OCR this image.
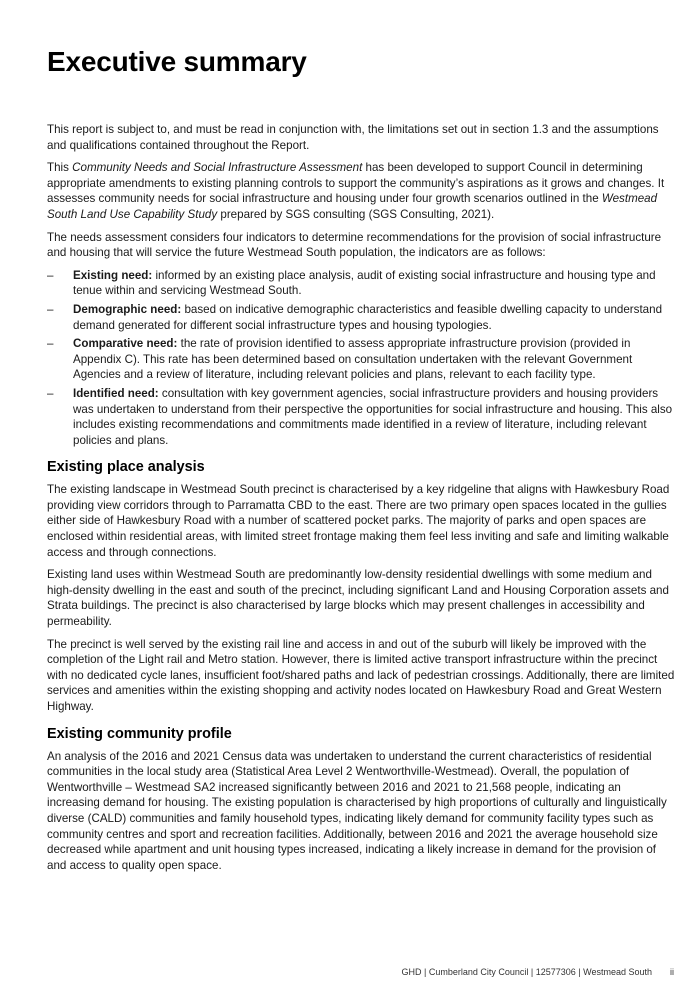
Executive summary

This report is subject to, and must be read in conjunction with, the limitations set out in section 1.3 and the assumptions and qualifications contained throughout the Report.

This Community Needs and Social Infrastructure Assessment has been developed to support Council in determining appropriate amendments to existing planning controls to support the community’s aspirations as it grows and changes. It assesses community needs for social infrastructure and housing under four growth scenarios outlined in the Westmead South Land Use Capability Study prepared by SGS consulting (SGS Consulting, 2021).

The needs assessment considers four indicators to determine recommendations for the provision of social infrastructure and housing that will service the future Westmead South population, the indicators are as follows:

– Existing need: informed by an existing place analysis, audit of existing social infrastructure and housing type and tenue within and servicing Westmead South.
– Demographic need: based on indicative demographic characteristics and feasible dwelling capacity to understand demand generated for different social infrastructure types and housing typologies.
– Comparative need: the rate of provision identified to assess appropriate infrastructure provision (provided in Appendix C). This rate has been determined based on consultation undertaken with the relevant Government Agencies and a review of literature, including relevant policies and plans, relevant to each facility type.
– Identified need: consultation with key government agencies, social infrastructure providers and housing providers was undertaken to understand from their perspective the opportunities for social infrastructure and housing. This also includes existing recommendations and commitments made identified in a review of literature, including relevant policies and plans.
Existing place analysis

The existing landscape in Westmead South precinct is characterised by a key ridgeline that aligns with Hawkesbury Road providing view corridors through to Parramatta CBD to the east. There are two primary open spaces located in the gullies either side of Hawkesbury Road with a number of scattered pocket parks. The majority of parks and open spaces are enclosed within residential areas, with limited street frontage making them feel less inviting and safe and limiting walkable access and through connections.

Existing land uses within Westmead South are predominantly low-density residential dwellings with some medium and high-density dwelling in the east and south of the precinct, including significant Land and Housing Corporation assets and Strata buildings. The precinct is also characterised by large blocks which may present challenges in accessibility and permeability.

The precinct is well served by the existing rail line and access in and out of the suburb will likely be improved with the completion of the Light rail and Metro station. However, there is limited active transport infrastructure within the precinct with no dedicated cycle lanes, insufficient foot/shared paths and lack of pedestrian crossings. Additionally, there are limited services and amenities within the existing shopping and activity nodes located on Hawkesbury Road and Great Western Highway.

Existing community profile

An analysis of the 2016 and 2021 Census data was undertaken to understand the current characteristics of residential communities in the local study area (Statistical Area Level 2 Wentworthville-Westmead). Overall, the population of Wentworthville – Westmead SA2 increased significantly between 2016 and 2021 to 21,568 people, indicating an increasing demand for housing. The existing population is characterised by high proportions of culturally and linguistically diverse (CALD) communities and family household types, indicating likely demand for community facility types such as community centres and sport and recreation facilities. Additionally, between 2016 and 2021 the average household size decreased while apartment and unit housing types increased, indicating a likely increase in demand for the provision of and access to quality open space.

GHD | Cumberland City Council | 12577306 | Westmead South ii
